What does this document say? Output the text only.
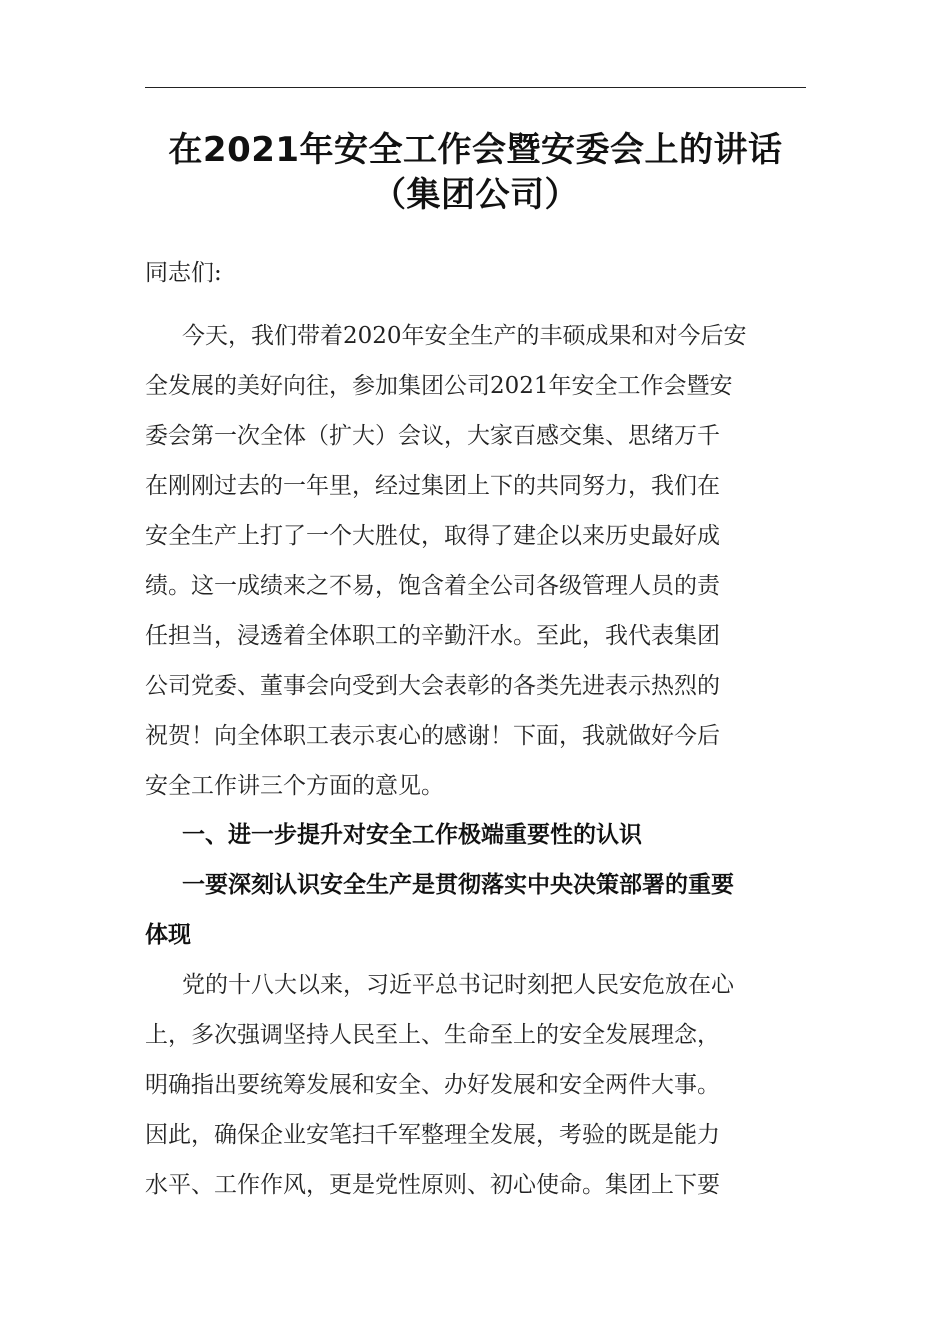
在2021年安全工作会暨安委会上的讲话
（集团公司）
同志们:
今天，我们带着2020年安全生产的丰硕成果和对今后安
全发展的美好向往，参加集团公司2021年安全工作会暨安
委会第一次全体（扩大）会议，大家百感交集、思绪万千
在刚刚过去的一年里，经过集团上下的共同努力，我们在
安全生产上打了一个大胜仗，取得了建企以来历史最好成
绩。这一成绩来之不易，饱含着全公司各级管理人员的责
任担当，浸透着全体职工的辛勤汗水。至此，我代表集团
公司党委、董事会向受到大会表彰的各类先进表示热烈的
祝贺！向全体职工表示衷心的感谢！下面，我就做好今后
安全工作讲三个方面的意见。
一、进一步提升对安全工作极端重要性的认识
一要深刻认识安全生产是贯彻落实中央决策部署的重要
体现
党的十八大以来，习近平总书记时刻把人民安危放在心
上，多次强调坚持人民至上、生命至上的安全发展理念，
明确指出要统筹发展和安全、办好发展和安全两件大事。
因此，确保企业安笔扫千军整理全发展，考验的既是能力
水平、工作作风，更是党性原则、初心使命。集团上下要
